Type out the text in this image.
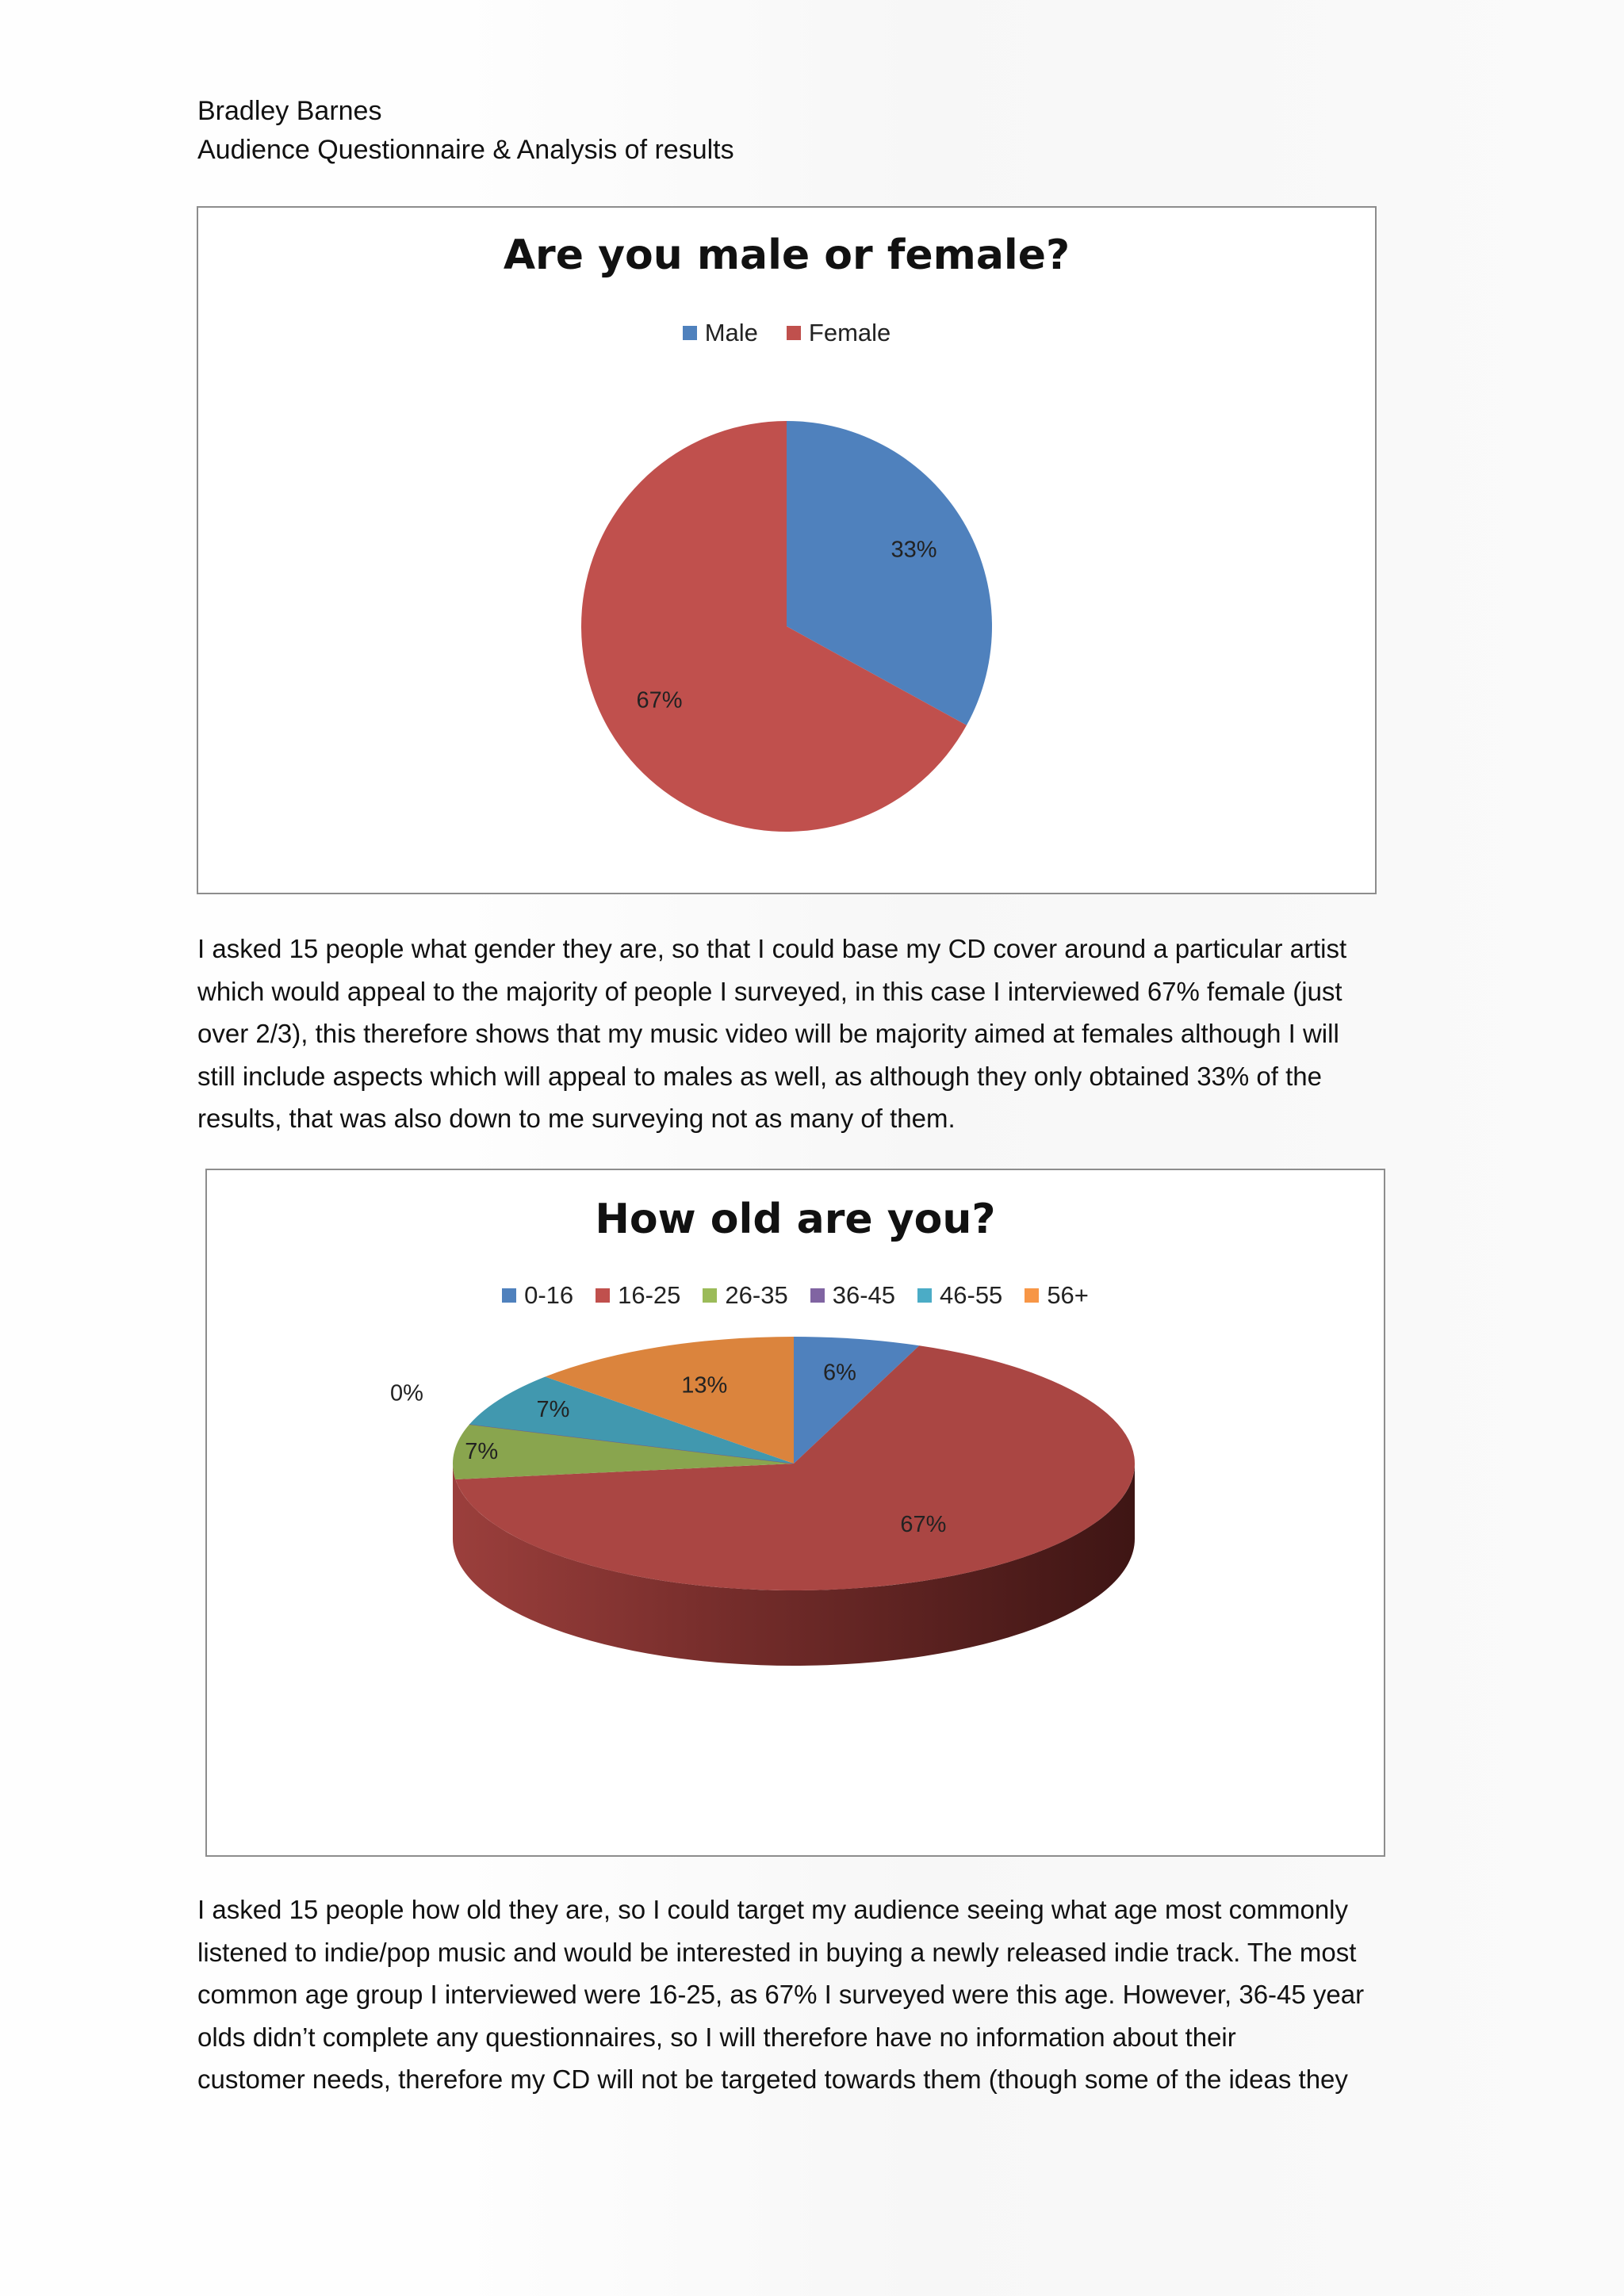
Bradley Barnes
Audience Questionnaire & Analysis of results
Are you male or female?
Male Female
33%
67%
I asked 15 people what gender they are, so that I could base my CD cover around a particular artist
which would appeal to the majority of people I surveyed, in this case I interviewed 67% female (just
over 2/3), this therefore shows that my music video will be majority aimed at females although I will
still include aspects which will appeal to males as well, as although they only obtained 33% of the
results, that was also down to me surveying not as many of them.
How old are you?
0-16 16-25 26-35 36-45 46-55 56+
6%
67%
7%
0%
7%
13%
I asked 15 people how old they are, so I could target my audience seeing what age most commonly
listened to indie/pop music and would be interested in buying a newly released indie track. The most
common age group I interviewed were 16-25, as 67% I surveyed were this age. However, 36-45 year
olds didn’t complete any questionnaires, so I will therefore have no information about their
customer needs, therefore my CD will not be targeted towards them (though some of the ideas they
